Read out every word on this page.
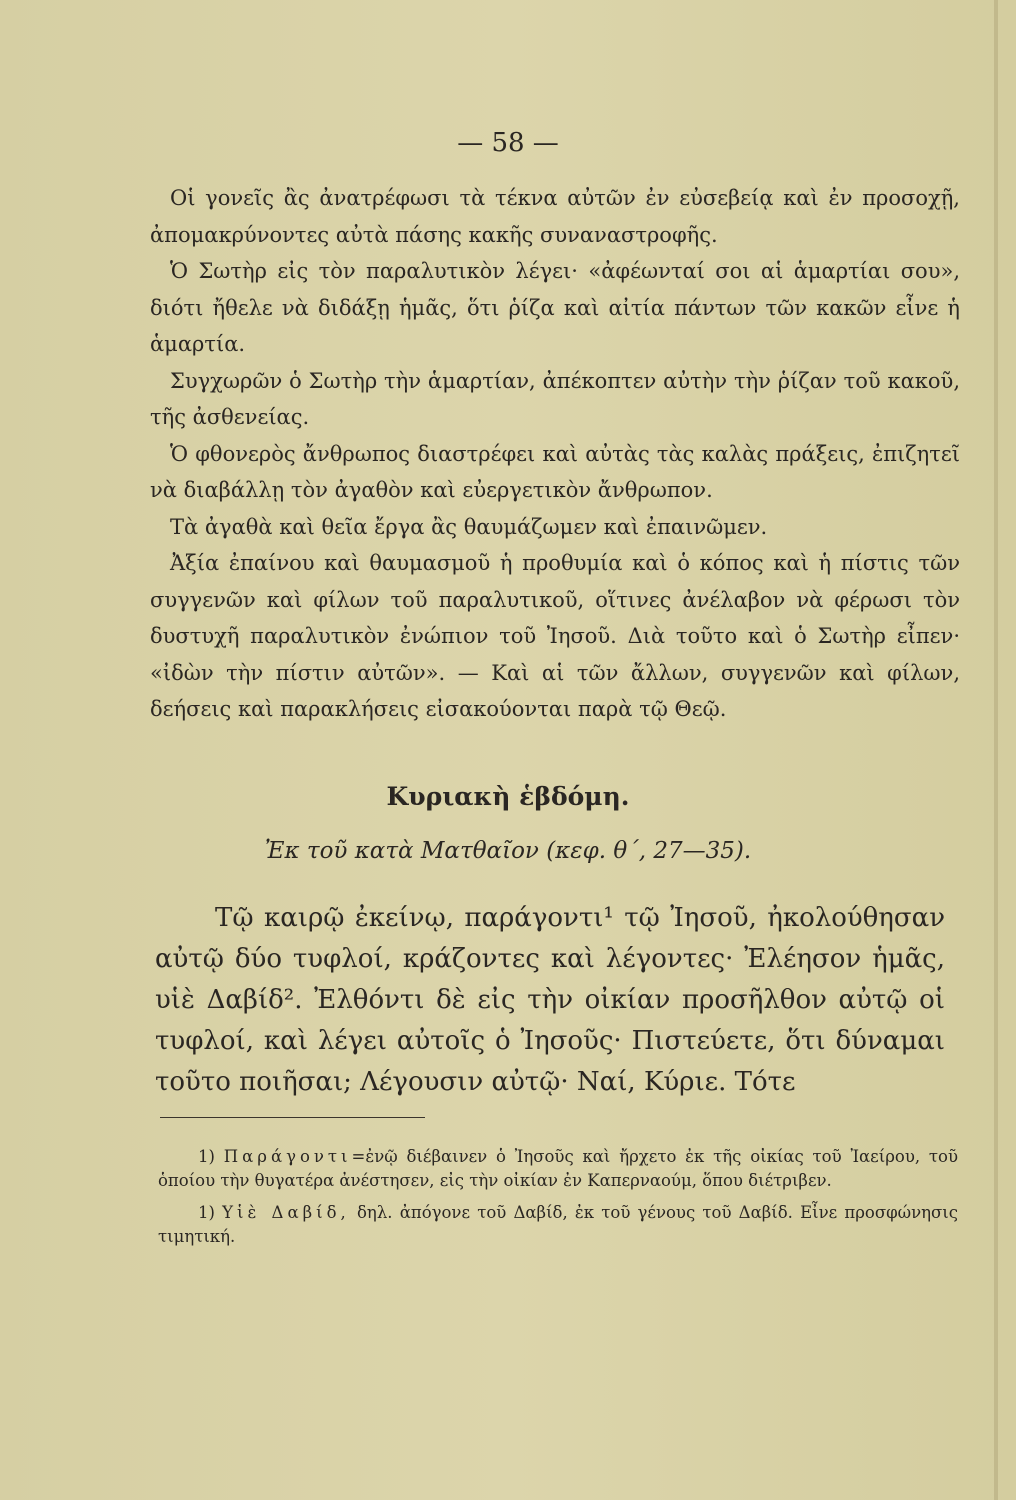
— 58 —

Οἱ γονεῖς ἂς ἀνατρέφωσι τὰ τέκνα αὐτῶν ἐν εὐσεβείᾳ καὶ ἐν προσοχῇ, ἀπομακρύνοντες αὐτὰ πάσης κακῆς συναναστροφῆς.

Ὁ Σωτὴρ εἰς τὸν παραλυτικὸν λέγει· «ἀφέωνταί σοι αἱ ἁμαρτίαι σου», διότι ἤθελε νὰ διδάξῃ ἡμᾶς, ὅτι ῥίζα καὶ αἰτία πάντων τῶν κακῶν εἶνε ἡ ἁμαρτία.

Συγχωρῶν ὁ Σωτὴρ τὴν ἁμαρτίαν, ἀπέκοπτεν αὐτὴν τὴν ῥίζαν τοῦ κακοῦ, τῆς ἀσθενείας.

Ὁ φθονερὸς ἄνθρωπος διαστρέφει καὶ αὐτὰς τὰς καλὰς πράξεις, ἐπιζητεῖ νὰ διαβάλλῃ τὸν ἀγαθὸν καὶ εὐεργετικὸν ἄνθρωπον.

Τὰ ἀγαθὰ καὶ θεῖα ἔργα ἂς θαυμάζωμεν καὶ ἐπαινῶμεν.

Ἀξία ἐπαίνου καὶ θαυμασμοῦ ἡ προθυμία καὶ ὁ κόπος καὶ ἡ πίστις τῶν συγγενῶν καὶ φίλων τοῦ παραλυτικοῦ, οἵτινες ἀνέλαβον νὰ φέρωσι τὸν δυστυχῆ παραλυτικὸν ἐνώπιον τοῦ Ἰησοῦ. Διὰ τοῦτο καὶ ὁ Σωτὴρ εἶπεν· «ἰδὼν τὴν πίστιν αὐτῶν». — Καὶ αἱ τῶν ἄλλων, συγγενῶν καὶ φίλων, δεήσεις καὶ παρακλήσεις εἰσακούονται παρὰ τῷ Θεῷ.

Κυριακὴ ἑβδόμη.
Ἐκ τοῦ κατὰ Ματθαῖον (κεφ. θ΄, 27—35).
Τῷ καιρῷ ἐκείνῳ, παράγοντι¹ τῷ Ἰησοῦ, ἠκολούθησαν αὐτῷ δύο τυφλοί, κράζοντες καὶ λέγοντες· Ἐλέησον ἡμᾶς, υἱὲ Δαβίδ². Ἐλθόντι δὲ εἰς τὴν οἰκίαν προσῆλθον αὐτῷ οἱ τυφλοί, καὶ λέγει αὐτοῖς ὁ Ἰησοῦς· Πιστεύετε, ὅτι δύναμαι τοῦτο ποιῆσαι; Λέγουσιν αὐτῷ· Ναί, Κύριε. Τότε

1) Παράγοντι=ἐνῷ διέβαινεν ὁ Ἰησοῦς καὶ ἤρχετο ἐκ τῆς οἰκίας τοῦ Ἰαείρου, τοῦ ὁποίου τὴν θυγατέρα ἀνέστησεν, εἰς τὴν οἰκίαν ἐν Καπερναούμ, ὅπου διέτριβεν.

1) Υἱὲ Δαβίδ, δηλ. ἀπόγονε τοῦ Δαβίδ, ἐκ τοῦ γένους τοῦ Δαβίδ. Εἶνε προσφώνησις τιμητική.
